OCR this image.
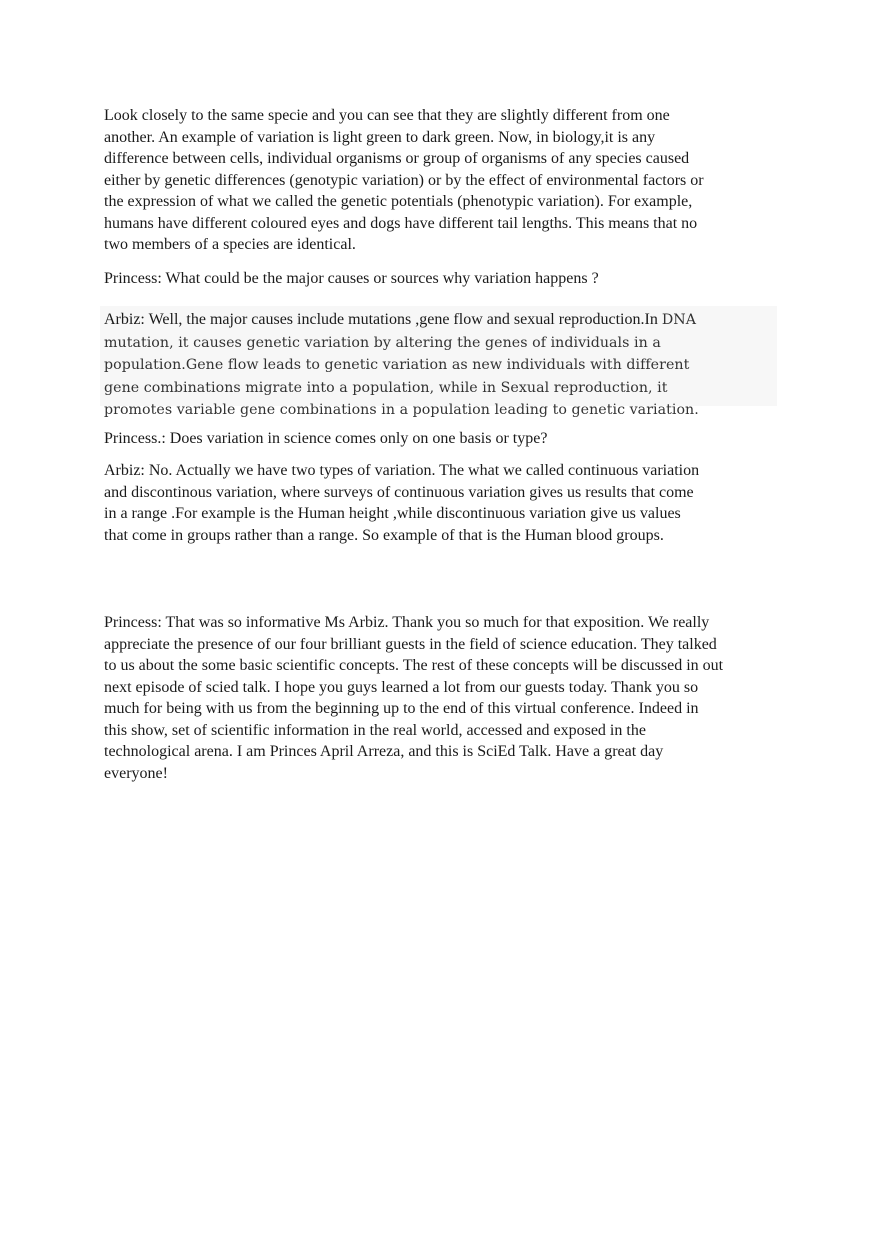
Look closely to the same specie and you can see that they are slightly different from one another. An example of variation is light green to dark green. Now, in biology,it is any difference between cells, individual organisms or group of organisms of any species caused either by genetic differences (genotypic variation) or by the effect of environmental factors or the expression of what we called the genetic potentials (phenotypic variation). For example, humans have different coloured eyes and dogs have different tail lengths. This means that no two members of a species are identical.

Princess: What could be the major causes or sources why variation happens ?

Arbiz: Well, the major causes include mutations ,gene flow and sexual reproduction.In DNA mutation, it causes genetic variation by altering the genes of individuals in a population.Gene flow leads to genetic variation as new individuals with different gene combinations migrate into a population, while in Sexual reproduction, it promotes variable gene combinations in a population leading to genetic variation.

Princess.: Does variation in science comes only on one basis or type?

Arbiz: No. Actually we have two types of variation. The what we called continuous variation and discontinous variation, where surveys of continuous variation gives us results that come in a range .For example is the Human height ,while discontinuous variation give us values that come in groups rather than a range. So example of that is the Human blood groups.

Princess: That was so informative Ms Arbiz. Thank you so much for that exposition. We really appreciate the presence of our four brilliant guests in the field of science education. They talked to us about the some basic scientific concepts. The rest of these concepts will be discussed in out next episode of scied talk. I hope you guys learned a lot from our guests today. Thank you so much for being with us from the beginning up to the end of this virtual conference. Indeed in this show, set of scientific information in the real world, accessed and exposed in the technological arena. I am Princes April Arreza, and this is SciEd Talk. Have a great day everyone!
